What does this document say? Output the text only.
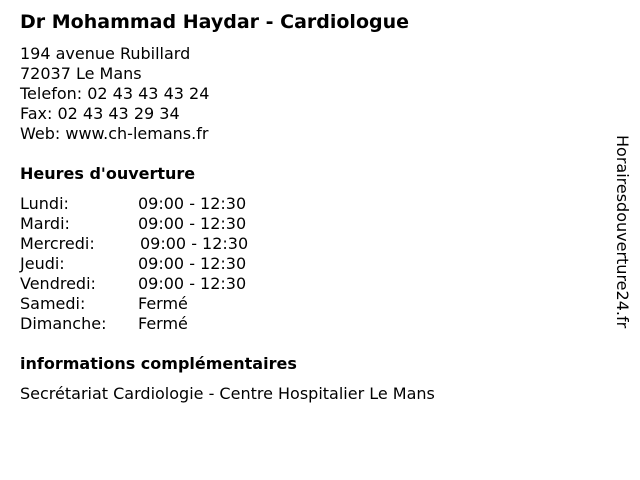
Dr Mohammad Haydar - Cardiologue
194 avenue Rubillard
72037 Le Mans
Telefon: 02 43 43 43 24
Fax: 02 43 43 29 34
Web: www.ch-lemans.fr
Heures d'ouverture
Lundi:	09:00 - 12:30
Mardi:	09:00 - 12:30
Mercredi:	09:00 - 12:30
Jeudi:	09:00 - 12:30
Vendredi:	09:00 - 12:30
Samedi:	Fermé
Dimanche: Fermé
informations complémentaires
Secrétariat Cardiologie - Centre Hospitalier Le Mans
Horairesdouverture24.fr
